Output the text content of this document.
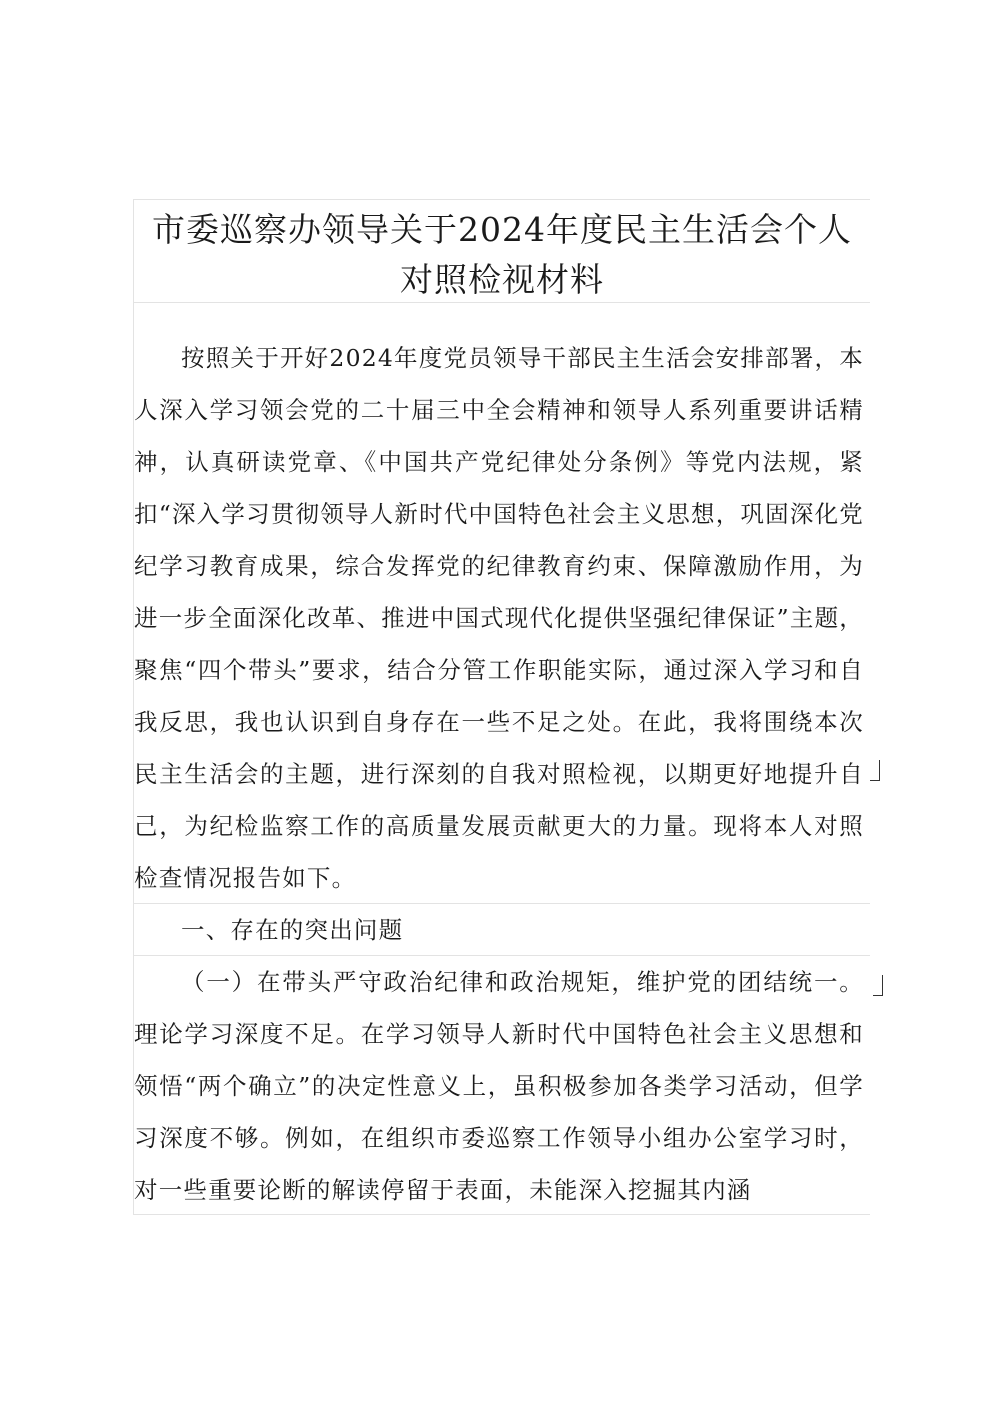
市委巡察办领导关于2024年度民主生活会个人
对照检视材料

按照关于开好2024年度党员领导干部民主生活会安排部署，本人深入学习领会党的二十届三中全会精神和领导人系列重要讲话精神，认真研读党章、《中国共产党纪律处分条例》等党内法规，紧扣“深入学习贯彻领导人新时代中国特色社会主义思想，巩固深化党纪学习教育成果，综合发挥党的纪律教育约束、保障激励作用，为进一步全面深化改革、推进中国式现代化提供坚强纪律保证”主题，聚焦“四个带头”要求，结合分管工作职能实际，通过深入学习和自我反思，我也认识到自身存在一些不足之处。在此，我将围绕本次民主生活会的主题，进行深刻的自我对照检视，以期更好地提升自己，为纪检监察工作的高质量发展贡献更大的力量。现将本人对照检查情况报告如下。

一、存在的突出问题

（一）在带头严守政治纪律和政治规矩，维护党的团结统一。理论学习深度不足。在学习领导人新时代中国特色社会主义思想和领悟“两个确立”的决定性意义上，虽积极参加各类学习活动，但学习深度不够。例如，在组织市委巡察工作领导小组办公室学习时，对一些重要论断的解读停留于表面，未能深入挖掘其内涵
